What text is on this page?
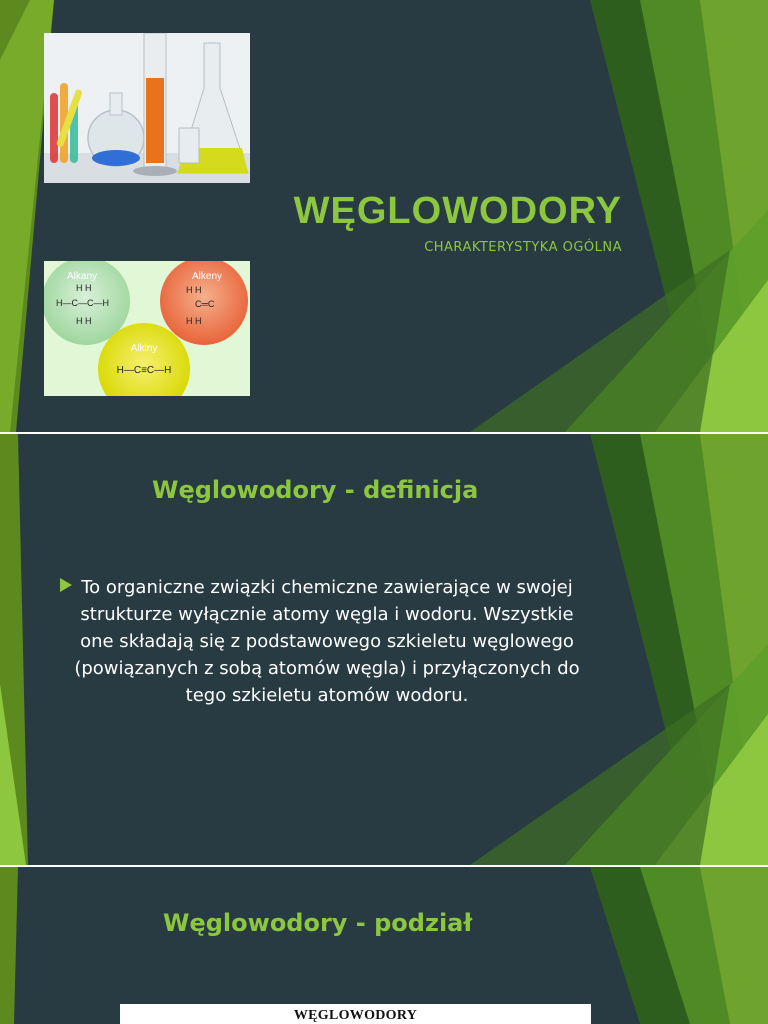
WĘGLOWODORY

CHARAKTERYSTYKA OGÓLNA

Alkany
H H
H—C—C—H
H H
Alkeny
H H
C═C
H H
Alkiny
H—C≡C—H
Węglowodory - definicja

To organiczne związki chemiczne zawierające w swojej strukturze wyłącznie atomy węgla i wodoru. Wszystkie one składają się z podstawowego szkieletu węglowego (powiązanych z sobą atomów węgla) i przyłączonych do tego szkieletu atomów wodoru.

Węglowodory - podział
WĘGLOWODORY
